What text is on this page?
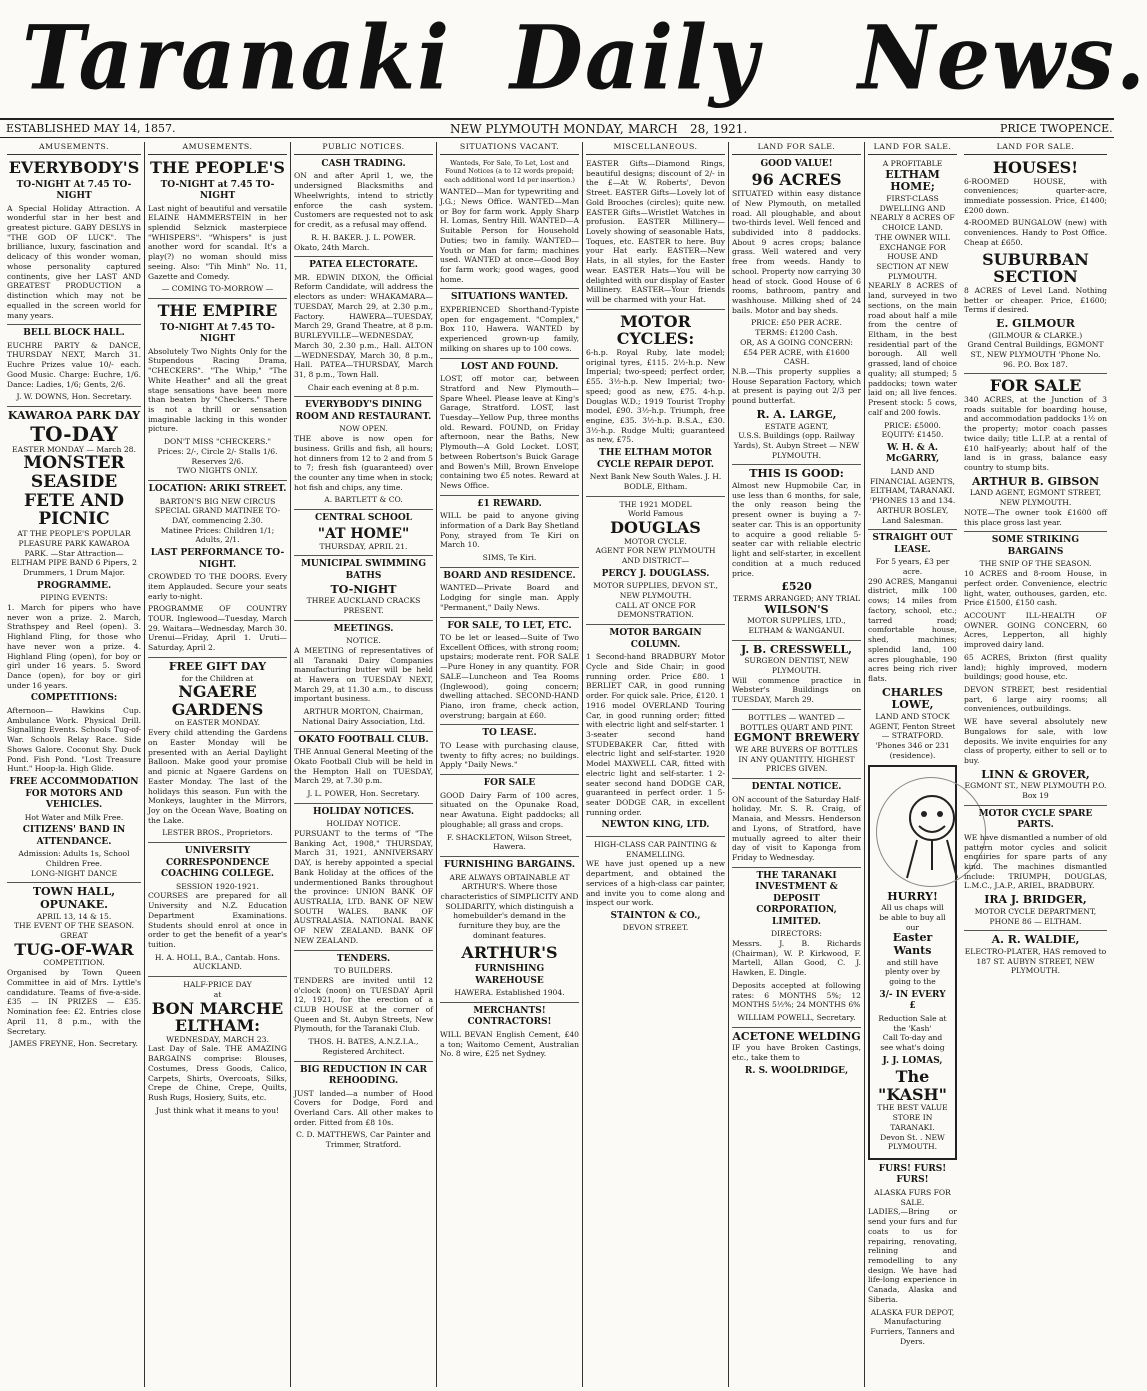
Taranaki Daily News.
ESTABLISHED MAY 14, 1857.	NEW PLYMOUTH MONDAY, MARCH 28, 1921.	PRICE TWOPENCE.
AMUSEMENTS.
EVERYBODY'S
TO-NIGHT At 7.45 TO-NIGHT

A Special Holiday Attraction. A wonderful star in her best and greatest picture. GABY DESLYS in "THE GOD OF LUCK". The brilliance, luxury, fascination and delicacy of this wonder woman, whose personality captured continents, give her LAST AND GREATEST PRODUCTION a distinction which may not be equalled in the screen world for many years.

BELL BLOCK HALL.

EUCHRE PARTY & DANCE, THURSDAY NEXT, March 31. Euchre Prizes value 10/- each. Good Music. Charge: Euchre, 1/6. Dance: Ladies, 1/6; Gents, 2/6.

J. W. DOWNS, Hon. Secretary.
KAWAROA PARK DAY
TO-DAY
EASTER MONDAY — March 28.
MONSTER SEASIDE
FETE AND PICNIC

AT THE PEOPLE'S POPULAR PLEASURE PARK KAWAROA PARK. —Star Attraction— ELTHAM PIPE BAND 6 Pipers, 2 Drummers, 1 Drum Major.

PROGRAMME.
PIPING EVENTS:

1. March for pipers who have never won a prize. 2. March, Strathspey and Reel (open). 3. Highland Fling, for those who have never won a prize. 4. Highland Fling (open), for boy or girl under 16 years. 5. Sword Dance (open), for boy or girl under 16 years.

COMPETITIONS:

Afternoon— Hawkins Cup. Ambulance Work. Physical Drill. Signalling Events. Schools Tug-of-War. Schools Relay Race. Side Shows Galore. Coconut Shy. Duck Pond. Fish Pond. "Lost Treasure Hunt." Hoop-la. High Glide.

FREE ACCOMMODATION FOR MOTORS AND VEHICLES.
Hot Water and Milk Free.
CITIZENS' BAND IN ATTENDANCE.
Admission: Adults 1s, School Children Free.
LONG-NIGHT DANCE
TOWN HALL, OPUNAKE.
APRIL 13, 14 & 15.
THE EVENT OF THE SEASON. GREAT
TUG-OF-WAR
COMPETITION.

Organised by Town Queen Committee in aid of Mrs. Lyttle's candidature. Teams of five-a-side. £35 — IN PRIZES — £35. Nomination fee: £2. Entries close April 11, 8 p.m., with the Secretary.

JAMES FREYNE, Hon. Secretary.
AMUSEMENTS.
THE PEOPLE'S
TO-NIGHT at 7.45 TO-NIGHT

Last night of beautiful and versatile ELAINE HAMMERSTEIN in her splendid Selznick masterpiece "WHISPERS". "Whispers" is just another word for scandal. It's a play(?) no woman should miss seeing. Also: "Tih Minh" No. 11, Gazette and Comedy.

— COMING TO-MORROW —
THE EMPIRE
TO-NIGHT At 7.45 TO-NIGHT

Absolutely Two Nights Only for the Stupendous Racing Drama, "CHECKERS". "The Whip," "The White Heather" and all the great stage sensations have been more than beaten by "Checkers." There is not a thrill or sensation imaginable lacking in this wonder picture.

DON'T MISS "CHECKERS."
Prices: 2/-, Circle 2/- Stalls 1/6. Reserves 2/6.
TWO NIGHTS ONLY.
LOCATION: ARIKI STREET.
BARTON'S BIG NEW CIRCUS
SPECIAL GRAND MATINEE TO-DAY, commencing 2.30.
Matinee Prices: Children 1/1; Adults, 2/1.
LAST PERFORMANCE TO-NIGHT.

CROWDED TO THE DOORS. Every item Applauded. Secure your seats early to-night.

PROGRAMME OF COUNTRY TOUR. Inglewood—Tuesday, March 29. Waitara—Wednesday, March 30. Urenui—Friday, April 1. Uruti—Saturday, April 2.

FREE GIFT DAY
for the Children at
NGAERE GARDENS
on EASTER MONDAY.

Every child attending the Gardens on Easter Monday will be presented with an Aerial Daylight Balloon. Make good your promise and picnic at Ngaere Gardens on Easter Monday. The last of the holidays this season. Fun with the Monkeys, laughter in the Mirrors, Joy on the Ocean Wave, Boating on the Lake.

LESTER BROS., Proprietors.
UNIVERSITY CORRESPONDENCE COACHING COLLEGE.
SESSION 1920-1921.

COURSES are prepared for all University and N.Z. Education Department Examinations. Students should enrol at once in order to get the benefit of a year's tuition.

H. A. HOLL, B.A., Cantab. Hons. AUCKLAND.
HALF-PRICE DAY
at
BON MARCHE ELTHAM:
WEDNESDAY, MARCH 23.

Last Day of Sale. THE AMAZING BARGAINS comprise: Blouses, Costumes, Dress Goods, Calico, Carpets, Shirts, Overcoats, Silks, Crepe de Chine, Crepe, Quilts, Rush Rugs, Hosiery, Suits, etc.

Just think what it means to you!
PUBLIC NOTICES.
CASH TRADING.

ON and after April 1, we, the undersigned Blacksmiths and Wheelwrights, intend to strictly enforce the cash system. Customers are requested not to ask for credit, as a refusal may offend.

R. H. BAKER. J. L. POWER.
Okato, 24th March.
PATEA ELECTORATE.

MR. EDWIN DIXON, the Official Reform Candidate, will address the electors as under: WHAKAMARA—TUESDAY, March 29, at 2.30 p.m., Factory. HAWERA—TUESDAY, March 29, Grand Theatre, at 8 p.m. BURLEYVILLE—WEDNESDAY, March 30, 2.30 p.m., Hall. ALTON—WEDNESDAY, March 30, 8 p.m., Hall. PATEA—THURSDAY, March 31, 8 p.m., Town Hall.

Chair each evening at 8 p.m.
EVERYBODY'S DINING ROOM AND RESTAURANT.
NOW OPEN.

THE above is now open for business. Grills and fish, all hours; hot dinners from 12 to 2 and from 5 to 7; fresh fish (guaranteed) over the counter any time when in stock; hot fish and chips, any time.

A. BARTLETT & CO.
CENTRAL SCHOOL
"AT HOME"
THURSDAY, APRIL 21.
MUNICIPAL SWIMMING BATHS
TO-NIGHT
THREE AUCKLAND CRACKS PRESENT.
MEETINGS.
NOTICE.

A MEETING of representatives of all Taranaki Dairy Companies manufacturing butter will be held at Hawera on TUESDAY NEXT, March 29, at 11.30 a.m., to discuss important business.

ARTHUR MORTON, Chairman, National Dairy Association, Ltd.
OKATO FOOTBALL CLUB.

THE Annual General Meeting of the Okato Football Club will be held in the Hempton Hall on TUESDAY, March 29, at 7.30 p.m.

J. L. POWER, Hon. Secretary.
HOLIDAY NOTICES.
HOLIDAY NOTICE.

PURSUANT to the terms of "The Banking Act, 1908," THURSDAY, March 31, 1921, ANNIVERSARY DAY, is hereby appointed a special Bank Holiday at the offices of the undermentioned Banks throughout the province: UNION BANK OF AUSTRALIA, LTD. BANK OF NEW SOUTH WALES. BANK OF AUSTRALASIA. NATIONAL BANK OF NEW ZEALAND. BANK OF NEW ZEALAND.

TENDERS.
TO BUILDERS.

TENDERS are invited until 12 o'clock (noon) on TUESDAY April 12, 1921, for the erection of a CLUB HOUSE at the corner of Queen and St. Aubyn Streets, New Plymouth, for the Taranaki Club.

THOS. H. BATES, A.N.Z.I.A., Registered Architect.
BIG REDUCTION IN CAR REHOODING.

JUST landed—a number of Hood Covers for Dodge, Ford and Overland Cars. All other makes to order. Fitted from £8 10s.

C. D. MATTHEWS, Car Painter and Trimmer, Stratford.
SITUATIONS VACANT.

Wanteds, For Sale, To Let, Lost and Found Notices (a to 12 words prepaid; each additional word 1d per insertion.)

WANTED—Man for typewriting and J.G.; News Office. WANTED—Man or Boy for farm work. Apply Sharp H. Lomas, Sentry Hill. WANTED—A Suitable Person for Household Duties; two in family. WANTED—Youth or Man for farm; machines used. WANTED at once—Good Boy for farm work; good wages, good home.

SITUATIONS WANTED.

EXPERIENCED Shorthand-Typiste open for engagement. "Complex," Box 110, Hawera. WANTED by experienced grown-up family, milking on shares up to 100 cows.

LOST AND FOUND.

LOST, off motor car, between Stratford and New Plymouth—Spare Wheel. Please leave at King's Garage, Stratford. LOST, last Tuesday—Yellow Pup, three months old. Reward. FOUND, on Friday afternoon, near the Baths, New Plymouth—A Gold Locket. LOST, between Robertson's Buick Garage and Bowen's Mill, Brown Envelope containing two £5 notes. Reward at News Office.

£1 REWARD.

WILL be paid to anyone giving information of a Dark Bay Shetland Pony, strayed from Te Kiri on March 10.

SIMS, Te Kiri.
BOARD AND RESIDENCE.

WANTED—Private Board and Lodging for single man. Apply "Permanent," Daily News.

FOR SALE, TO LET, ETC.

TO be let or leased—Suite of Two Excellent Offices, with strong room; upstairs; moderate rent. FOR SALE—Pure Honey in any quantity. FOR SALE—Luncheon and Tea Rooms (Inglewood), going concern; dwelling attached. SECOND-HAND Piano, iron frame, check action, overstrung; bargain at £60.

TO LEASE.

TO Lease with purchasing clause, twenty to fifty acres; no buildings. Apply "Daily News."

FOR SALE

GOOD Dairy Farm of 100 acres, situated on the Opunake Road, near Awatuna. Eight paddocks; all ploughable; all grass and crops.

F. SHACKLETON, Wilson Street, Hawera.
FURNISHING BARGAINS.

ARE ALWAYS OBTAINABLE AT ARTHUR'S. Where those characteristics of SIMPLICITY AND SOLIDARITY, which distinguish a homebuilder's demand in the furniture they buy, are the dominant features.

ARTHUR'S
FURNISHING WAREHOUSE
HAWERA. Established 1904.
MERCHANTS! CONTRACTORS!

WILL BEVAN English Cement, £40 a ton; Waitomo Cement, Australian No. 8 wire, £25 net Sydney.

MISCELLANEOUS.

EASTER Gifts—Diamond Rings, beautiful designs; discount of 2/- in the £—At W. Roberts', Devon Street. EASTER Gifts—Lovely lot of Gold Brooches (circles); quite new. EASTER Gifts—Wristlet Watches in profusion. EASTER Millinery—Lovely showing of seasonable Hats, Toques, etc. EASTER to here. Buy your Hat early. EASTER—New Hats, in all styles, for the Easter wear. EASTER Hats—You will be delighted with our display of Easter Millinery. EASTER—Your friends will be charmed with your Hat.

MOTOR CYCLES:

6-h.p. Royal Ruby, late model; original tyres, £115. 2½-h.p. New Imperial; two-speed; perfect order, £55. 3½-h.p. New Imperial; two-speed; good as new, £75. 4-h.p. Douglas W.D.; 1919 Tourist Trophy model, £90. 3½-h.p. Triumph, free engine, £35. 3½-h.p. B.S.A., £30. 3½-h.p. Rudge Multi; guaranteed as new, £75.

THE ELTHAM MOTOR CYCLE REPAIR DEPOT.
Next Bank New South Wales. J. H. BODLE, Eltham.
THE 1921 MODEL
World Famous
DOUGLAS
MOTOR CYCLE.
AGENT FOR NEW PLYMOUTH AND DISTRICT—
PERCY J. DOUGLASS.
MOTOR SUPPLIES, DEVON ST., NEW PLYMOUTH.
CALL AT ONCE FOR DEMONSTRATION.
MOTOR BARGAIN COLUMN.

1 Second-hand BRADBURY Motor Cycle and Side Chair; in good running order. Price £80. 1 BERLIET CAR, in good running order. For quick sale. Price, £120. 1 1916 model OVERLAND Touring Car, in good running order; fitted with electric light and self-starter. 1 3-seater second hand STUDEBAKER Car, fitted with electric light and self-starter. 1920 Model MAXWELL CAR, fitted with electric light and self-starter. 1 2-seater second hand DODGE CAR, guaranteed in perfect order. 1 5-seater DODGE CAR, in excellent running order.

NEWTON KING, LTD.
HIGH-CLASS CAR PAINTING & ENAMELLING.

WE have just opened up a new department, and obtained the services of a high-class car painter, and invite you to come along and inspect our work.

STAINTON & CO.,
DEVON STREET.
LAND FOR SALE.
GOOD VALUE!
96 ACRES

SITUATED within easy distance of New Plymouth, on metalled road. All ploughable, and about two-thirds level. Well fenced and subdivided into 8 paddocks. About 9 acres crops; balance grass. Well watered and very free from weeds. Handy to school. Property now carrying 30 head of stock. Good House of 6 rooms, bathroom, pantry and washhouse. Milking shed of 24 bails. Motor and bay sheds.

PRICE: £50 PER ACRE.
TERMS: £1200 Cash.
OR, AS A GOING CONCERN:
£54 PER ACRE, with £1600 CASH.

N.B.—This property supplies a House Separation Factory, which at present is paying out 2/3 per pound butterfat.

R. A. LARGE,
ESTATE AGENT,
U.S.S. Buildings (opp. Railway Yards), St. Aubyn Street — NEW PLYMOUTH.
THIS IS GOOD:

Almost new Hupmobile Car, in use less than 6 months, for sale, the only reason being the present owner is buying a 7-seater car. This is an opportunity to acquire a good reliable 5-seater car with reliable electric light and self-starter, in excellent condition at a much reduced price.

£520
TERMS ARRANGED; ANY TRIAL
WILSON'S
MOTOR SUPPLIES, LTD., ELTHAM & WANGANUI.
J. B. CRESSWELL,
SURGEON DENTIST, NEW PLYMOUTH.

Will commence practice in Webster's Buildings on TUESDAY, March 29.

BOTTLES — WANTED — BOTTLES QUART AND PINT.
EGMONT BREWERY

WE ARE BUYERS OF BOTTLES IN ANY QUANTITY. HIGHEST PRICES GIVEN.

DENTAL NOTICE.

ON account of the Saturday Half-holiday, Mr. S. R. Craig, of Manaia, and Messrs. Henderson and Lyons, of Stratford, have mutually agreed to alter their day of visit to Kaponga from Friday to Wednesday.

THE TARANAKI INVESTMENT & DEPOSIT CORPORATION, LIMITED.
DIRECTORS:

Messrs. J. B. Richards (Chairman), W. P. Kirkwood, F. Martell, Allan Good, C. J. Hawken, E. Dingle.

Deposits accepted at following rates: 6 MONTHS 5%; 12 MONTHS 5½%; 24 MONTHS 6%

WILLIAM POWELL, Secretary.
ACETONE WELDING

IF you have Broken Castings, etc., take them to

R. S. WOOLDRIDGE,
LAND FOR SALE.
A PROFITABLE
ELTHAM HOME;
FIRST-CLASS DWELLING AND NEARLY 8 ACRES OF CHOICE LAND.
THE OWNER WILL EXCHANGE FOR HOUSE AND SECTION AT NEW PLYMOUTH.

NEARLY 8 ACRES of land, surveyed in two sections, on the main road about half a mile from the centre of Eltham, in the best residential part of the borough. All well grassed, land of choice quality; all stumped; 5 paddocks; town water laid on; all live fences. Present stock: 5 cows, calf and 200 fowls.

PRICE: £5000. EQUITY: £1450.
W. H. & A. McGARRY,
LAND AND FINANCIAL AGENTS,
ELTHAM, TARANAKI. 'PHONES 13 and 134.
ARTHUR BOSLEY, Land Salesman.
STRAIGHT OUT LEASE.
For 5 years, £3 per acre.

290 ACRES, Manganui district, milk 100 cows; 14 miles from factory, school, etc.; tarred road; comfortable house, shed, machines; splendid land, 100 acres ploughable, 190 acres being rich river flats.

CHARLES LOWE,
LAND AND STOCK AGENT, Fenton Street — STRATFORD.
'Phones 346 or 231 (residence).
HURRY!
All us chaps will be able to buy all our
Easter Wants
and still have plenty over by going to the
3/- IN EVERY £
Reduction Sale at the 'Kash'
Call To-day and see what's doing
J. J. LOMAS,
The "KASH"
THE BEST VALUE STORE IN TARANAKI.
Devon St. . NEW PLYMOUTH.
FURS! FURS! FURS!
ALASKA FURS FOR SALE.

LADIES,—Bring or send your furs and fur coats to us for repairing, renovating, relining and remodelling to any design. We have had life-long experience in Canada, Alaska and Siberia.

ALASKA FUR DEPOT, Manufacturing Furriers, Tanners and Dyers.
LAND FOR SALE.
HOUSES!

6-ROOMED HOUSE, with conveniences; quarter-acre, immediate possession. Price, £1400; £200 down.

4-ROOMED BUNGALOW (new) with conveniences. Handy to Post Office. Cheap at £650.

SUBURBAN
SECTION

8 ACRES of Level Land. Nothing better or cheaper. Price, £1600; Terms if desired.

E. GILMOUR
(GILMOUR & CLARKE.)
Grand Central Buildings, EGMONT ST., NEW PLYMOUTH 'Phone No. 96. P.O. Box 187.
FOR SALE

340 ACRES, at the Junction of 3 roads suitable for boarding house, and accommodation paddocks 1½ on the property; motor coach passes twice daily; title L.I.P. at a rental of £10 half-yearly; about half of the land is in grass, balance easy country to stump bits.

ARTHUR B. GIBSON
LAND AGENT, EGMONT STREET, NEW PLYMOUTH.

NOTE—The owner took £1600 off this place gross last year.

SOME STRIKING BARGAINS
THE SNIP OF THE SEASON.

10 ACRES and 8-room House, in perfect order. Convenience, electric light, water, outhouses, garden, etc. Price £1500, £150 cash.

ACCOUNT ILL-HEALTH OF OWNER. GOING CONCERN, 60 Acres, Lepperton, all highly improved dairy land.

65 ACRES, Brixton (first quality land); highly improved, modern buildings; good house, etc.

DEVON STREET, best residential part, 6 large airy rooms; all conveniences, outbuildings.

WE have several absolutely new Bungalows for sale, with low deposits. We invite enquiries for any class of property, either to sell or to buy.

LINN & GROVER,
EGMONT ST., NEW PLYMOUTH P.O. Box 19
MOTOR CYCLE SPARE PARTS.

WE have dismantled a number of old pattern motor cycles and solicit enquiries for spare parts of any kind. The machines dismantled include: TRIUMPH, DOUGLAS, L.M.C., J.A.P., ARIEL, BRADBURY.

IRA J. BRIDGER,
MOTOR CYCLE DEPARTMENT, PHONE 86 — ELTHAM.
A. R. WALDIE,
ELECTRO-PLATER, HAS removed to 187 ST. AUBYN STREET, NEW PLYMOUTH.
